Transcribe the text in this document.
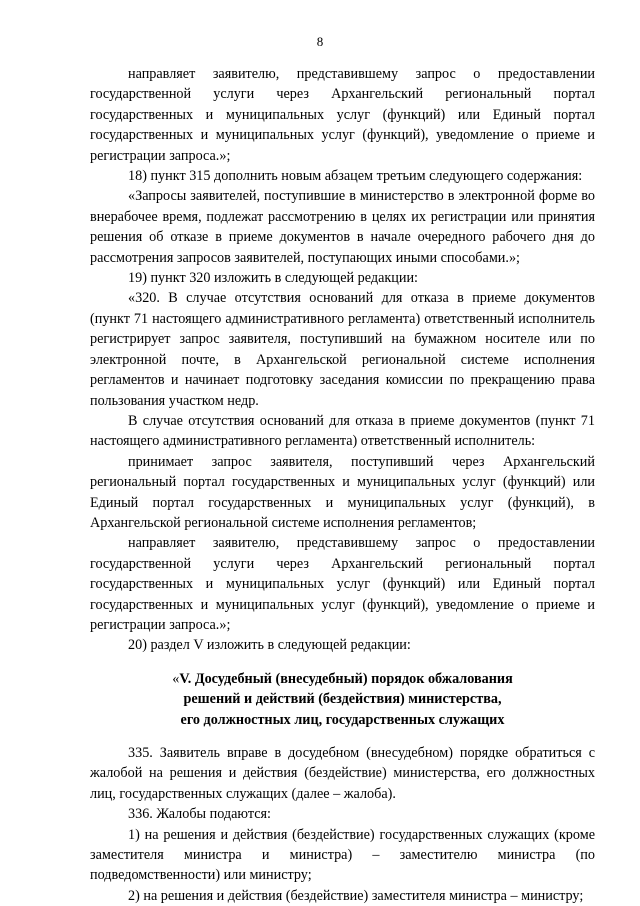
8

направляет заявителю, представившему запрос о предоставлении государственной услуги через Архангельский региональный портал государственных и муниципальных услуг (функций) или Единый портал государственных и муниципальных услуг (функций), уведомление о приеме и регистрации запроса.»;

18) пункт 315 дополнить новым абзацем третьим следующего содержания:

«Запросы заявителей, поступившие в министерство в электронной форме во внерабочее время, подлежат рассмотрению в целях их регистрации или принятия решения об отказе в приеме документов в начале очередного рабочего дня до рассмотрения запросов заявителей, поступающих иными способами.»;

19) пункт 320 изложить в следующей редакции:

«320. В случае отсутствия оснований для отказа в приеме документов (пункт 71 настоящего административного регламента) ответственный исполнитель регистрирует запрос заявителя, поступивший на бумажном носителе или по электронной почте, в Архангельской региональной системе исполнения регламентов и начинает подготовку заседания комиссии по прекращению права пользования участком недр.

В случае отсутствия оснований для отказа в приеме документов (пункт 71 настоящего административного регламента) ответственный исполнитель:

принимает запрос заявителя, поступивший через Архангельский региональный портал государственных и муниципальных услуг (функций) или Единый портал государственных и муниципальных услуг (функций), в Архангельской региональной системе исполнения регламентов;

направляет заявителю, представившему запрос о предоставлении государственной услуги через Архангельский региональный портал государственных и муниципальных услуг (функций) или Единый портал государственных и муниципальных услуг (функций), уведомление о приеме и регистрации запроса.»;

20) раздел V изложить в следующей редакции:

«V. Досудебный (внесудебный) порядок обжалования
решений и действий (бездействия) министерства,
его должностных лиц, государственных служащих

335. Заявитель вправе в досудебном (внесудебном) порядке обратиться с жалобой на решения и действия (бездействие) министерства, его должностных лиц, государственных служащих (далее – жалоба).

336. Жалобы подаются:

1) на решения и действия (бездействие) государственных служащих (кроме заместителя министра и министра) – заместителю министра (по подведомственности) или министру;

2) на решения и действия (бездействие) заместителя министра – министру;
